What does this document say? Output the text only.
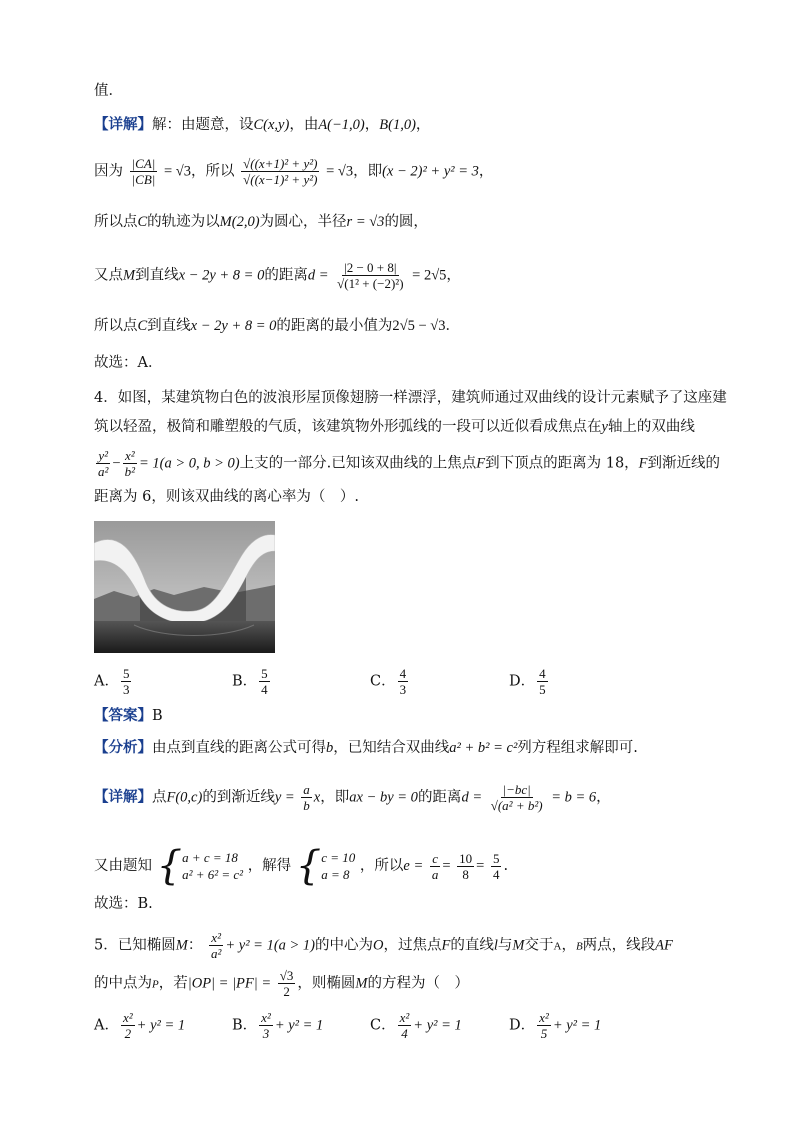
值．
【详解】解：由题意，设C(x,y)，由A(−1,0)，B(1,0)，
因为 $\frac{|CA|}{|CB|} = √3$，所以 $\frac{\text{√((x+1)² + y²)}}{\text{√((x−1)² + y²)}} = √3$，即(x − 2)² + y² = 3，
所以点C的轨迹为以M(2,0)为圆心，半径r = √3的圆，
又点M到直线x − 2y + 8 = 0的距离$d = \frac{|2 - 0 + 8|}{\text{√(1² + (−2)²)}} = 2√5$，
所以点C到直线x − 2y + 8 = 0的距离的最小值为2√5 − √3．
故选：A．
4．如图，某建筑物白色的波浪形屋顶像翅膀一样漂浮，建筑师通过双曲线的设计元素赋予了这座建
筑以轻盈，极简和雕塑般的气质，该建筑物外形弧线的一段可以近似看成焦点在y轴上的双曲线
$\frac{\text{y²}}{\text{a²}} - \frac{\text{x²}}{\text{b²}} = 1(a > 0$, b > 0)上支的一部分.已知该双曲线的上焦点F到下顶点的距离为 18，F到渐近线的
距离为 6，则该双曲线的离心率为（　）.
A． $\frac{5}{3}$	B． $\frac{5}{4}$	C． $\frac{4}{3}$	D． $\frac{4}{5}$
【答案】B
【分析】由点到直线的距离公式可得b，已知结合双曲线a² + b² = c²列方程组求解即可.
【详解】点F(0,c)的到渐近线$y = \frac{a}{b}$ x，即ax − by = 0的距离$d = \frac{|-bc|}{\text{√(a² + b²)}} = b = 6$，
又由题知 { a + c = 18
a² + 6² = c²
，解得 { c = 10
a = 8
，所以$e = \frac{c}{a} = \frac{10}{8} = \frac{5}{4}$ .
故选：B.
5．已知椭圆M： $\frac{\text{x²}}{\text{a²}} + y^2 = 1(a > 1)$的中心为O，过焦点F的直线l与M交于A，B两点，线段AF
的中点为P，若$|OP| = |PF| = \frac{√3}{2}$ ，则椭圆M的方程为（　）
A． $\frac{\text{x²}}{2} + y^2 = 1$	B． $\frac{\text{x²}}{3} + y^2 = 1$	C． $\frac{\text{x²}}{4} + y^2 = 1$	D． $\frac{\text{x²}}{5} + y^2 = 1$
